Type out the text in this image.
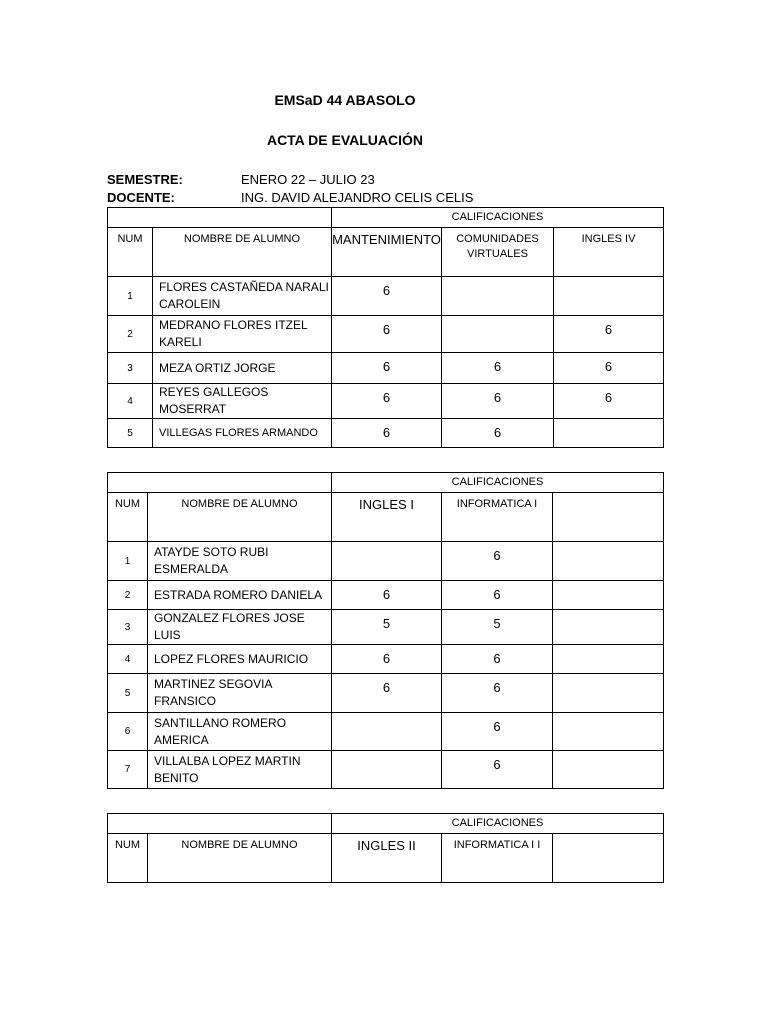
EMSaD 44 ABASOLO
ACTA DE EVALUACIÓN
SEMESTRE:	ENERO 22 – JULIO 23
DOCENTE:	ING. DAVID ALEJANDRO CELIS CELIS
		CALIFICACIONES		
NUM	NOMBRE DE ALUMNO	MANTENIMIENTO	COMUNIDADES VIRTUALES	INGLES IV
1	FLORES CASTAÑEDA NARALI CAROLEIN	6		
2	MEDRANO FLORES ITZEL KARELI	6		6
3	MEZA ORTIZ JORGE	6	6	6
4	REYES GALLEGOS MOSERRAT	6	6	6
5	VILLEGAS FLORES ARMANDO	6	6	
		CALIFICACIONES		
NUM	NOMBRE DE ALUMNO	INGLES I	INFORMATICA I	
1	ATAYDE SOTO RUBI ESMERALDA		6	
2	ESTRADA ROMERO DANIELA	6	6	
3	GONZALEZ FLORES JOSE LUIS	5	5	
4	LOPEZ FLORES MAURICIO	6	6	
5	MARTINEZ SEGOVIA FRANSICO	6	6	
6	SANTILLANO ROMERO AMERICA		6	
7	VILLALBA LOPEZ MARTIN BENITO		6	
		CALIFICACIONES		
NUM	NOMBRE DE ALUMNO	INGLES II	INFORMATICA I I	
